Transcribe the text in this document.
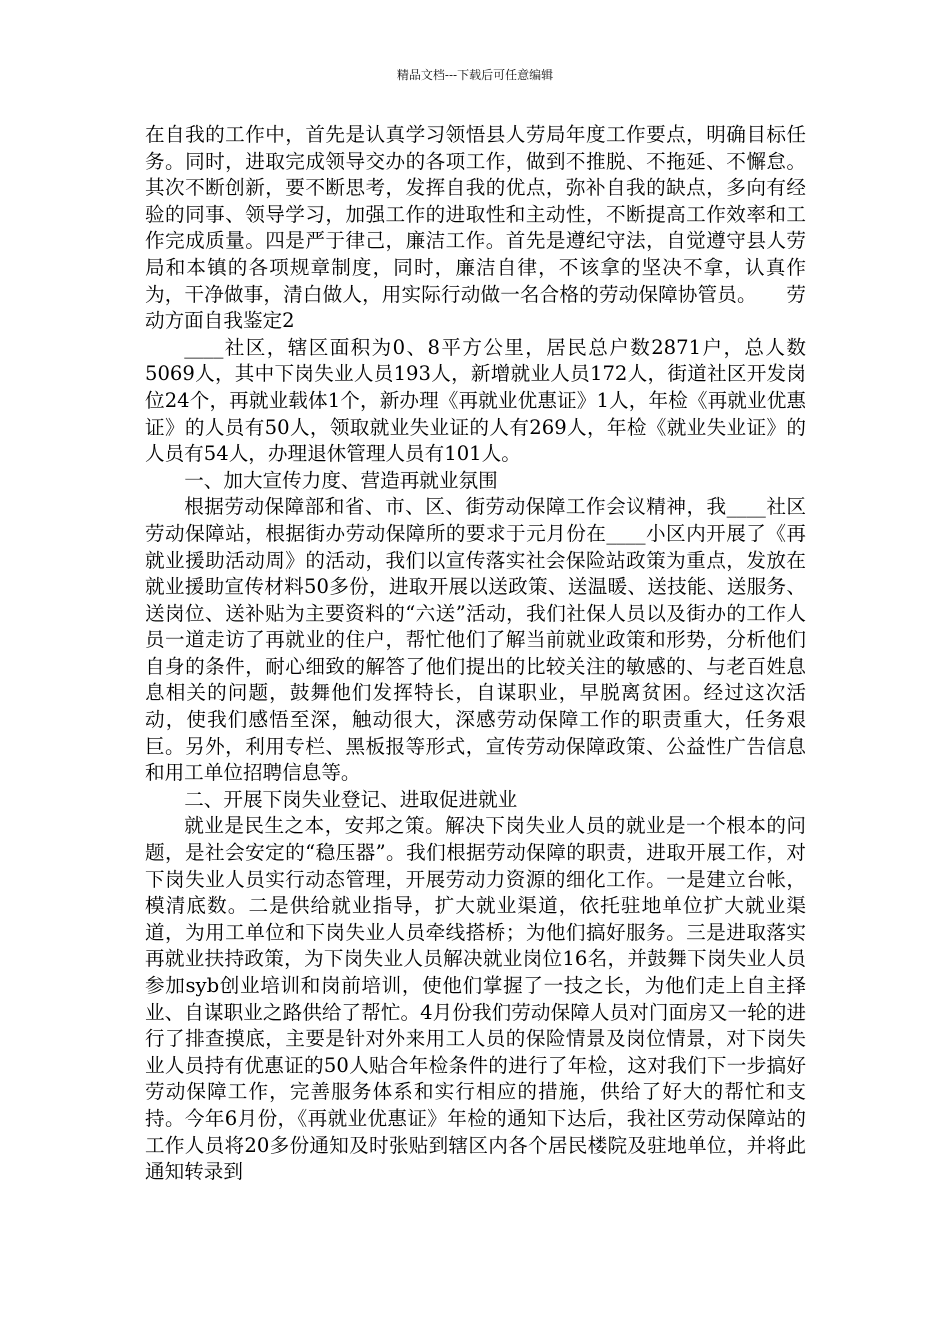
精品文档---下载后可任意编辑

在自我的工作中，首先是认真学习领悟县人劳局年度工作要点，明确目标任务。同时，进取完成领导交办的各项工作，做到不推脱、不拖延、不懈怠。其次不断创新，要不断思考，发挥自我的优点，弥补自我的缺点，多向有经验的同事、领导学习，加强工作的进取性和主动性，不断提高工作效率和工作完成质量。四是严于律己，廉洁工作。首先是遵纪守法，自觉遵守县人劳局和本镇的各项规章制度，同时，廉洁自律，不该拿的坚决不拿，认真作为，干净做事，清白做人，用实际行动做一名合格的劳动保障协管员。　　劳动方面自我鉴定2

____社区，辖区面积为0、8平方公里，居民总户数2871户，总人数5069人，其中下岗失业人员193人，新增就业人员172人，街道社区开发岗位24个，再就业载体1个，新办理《再就业优惠证》1人，年检《再就业优惠证》的人员有50人，领取就业失业证的人有269人，年检《就业失业证》的人员有54人，办理退休管理人员有101人。

一、加大宣传力度、营造再就业氛围

根据劳动保障部和省、市、区、街劳动保障工作会议精神，我____社区劳动保障站，根据街办劳动保障所的要求于元月份在____小区内开展了《再就业援助活动周》的活动，我们以宣传落实社会保险站政策为重点，发放在就业援助宣传材料50多份，进取开展以送政策、送温暖、送技能、送服务、送岗位、送补贴为主要资料的“六送”活动，我们社保人员以及街办的工作人员一道走访了再就业的住户，帮忙他们了解当前就业政策和形势，分析他们自身的条件，耐心细致的解答了他们提出的比较关注的敏感的、与老百姓息息相关的问题，鼓舞他们发挥特长，自谋职业，早脱离贫困。经过这次活动，使我们感悟至深，触动很大，深感劳动保障工作的职责重大，任务艰巨。另外，利用专栏、黑板报等形式，宣传劳动保障政策、公益性广告信息和用工单位招聘信息等。

二、开展下岗失业登记、进取促进就业

就业是民生之本，安邦之策。解决下岗失业人员的就业是一个根本的问题，是社会安定的“稳压器”。我们根据劳动保障的职责，进取开展工作，对下岗失业人员实行动态管理，开展劳动力资源的细化工作。一是建立台帐，模清底数。二是供给就业指导，扩大就业渠道，依托驻地单位扩大就业渠道，为用工单位和下岗失业人员牵线搭桥；为他们搞好服务。三是进取落实再就业扶持政策，为下岗失业人员解决就业岗位16名，并鼓舞下岗失业人员参加syb创业培训和岗前培训，使他们掌握了一技之长，为他们走上自主择业、自谋职业之路供给了帮忙。4月份我们劳动保障人员对门面房又一轮的进行了排查摸底，主要是针对外来用工人员的保险情景及岗位情景，对下岗失业人员持有优惠证的50人贴合年检条件的进行了年检，这对我们下一步搞好劳动保障工作，完善服务体系和实行相应的措施，供给了好大的帮忙和支持。今年6月份，《再就业优惠证》年检的通知下达后，我社区劳动保障站的工作人员将20多份通知及时张贴到辖区内各个居民楼院及驻地单位，并将此通知转录到
